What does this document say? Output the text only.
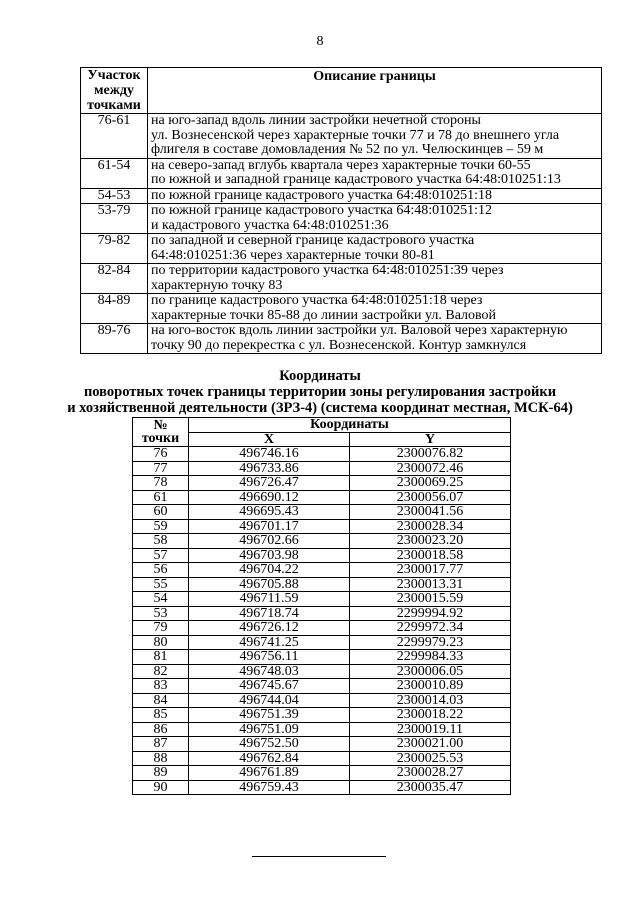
8
Участок
между
точками	Описание границы
76-61	на юго-запад вдоль линии застройки нечетной стороны
ул. Вознесенской через характерные точки 77 и 78 до внешнего угла
флигеля в составе домовладения № 52 по ул. Челюскинцев – 59 м

61-54	на северо-запад вглубь квартала через характерные точки 60-55
по южной и западной границе кадастрового участка 64:48:010251:13

54-53	по южной границе кадастрового участка 64:48:010251:18

53-79	по южной границе кадастрового участка 64:48:010251:12
и кадастрового участка 64:48:010251:36

79-82	по западной и северной границе кадастрового участка
64:48:010251:36 через характерные точки 80-81

82-84	по территории кадастрового участка 64:48:010251:39 через
характерную точку 83

84-89	по границе кадастрового участка 64:48:010251:18 через
характерные точки 85-88 до линии застройки ул. Валовой

89-76	на юго-восток вдоль линии застройки ул. Валовой через характерную
точку 90 до перекрестка с ул. Вознесенской. Контур замкнулся
Координаты
поворотных точек границы территории зоны регулирования застройки
и хозяйственной деятельности (ЗРЗ-4) (система координат местная, МСК-64)
№
точки	Координаты	
	X	Y
76	496746.16	2300076.82
77	496733.86	2300072.46
78	496726.47	2300069.25
61	496690.12	2300056.07
60	496695.43	2300041.56
59	496701.17	2300028.34
58	496702.66	2300023.20
57	496703.98	2300018.58
56	496704.22	2300017.77
55	496705.88	2300013.31
54	496711.59	2300015.59
53	496718.74	2299994.92
79	496726.12	2299972.34
80	496741.25	2299979.23
81	496756.11	2299984.33
82	496748.03	2300006.05
83	496745.67	2300010.89
84	496744.04	2300014.03
85	496751.39	2300018.22
86	496751.09	2300019.11
87	496752.50	2300021.00
88	496762.84	2300025.53
89	496761.89	2300028.27
90	496759.43	2300035.47
